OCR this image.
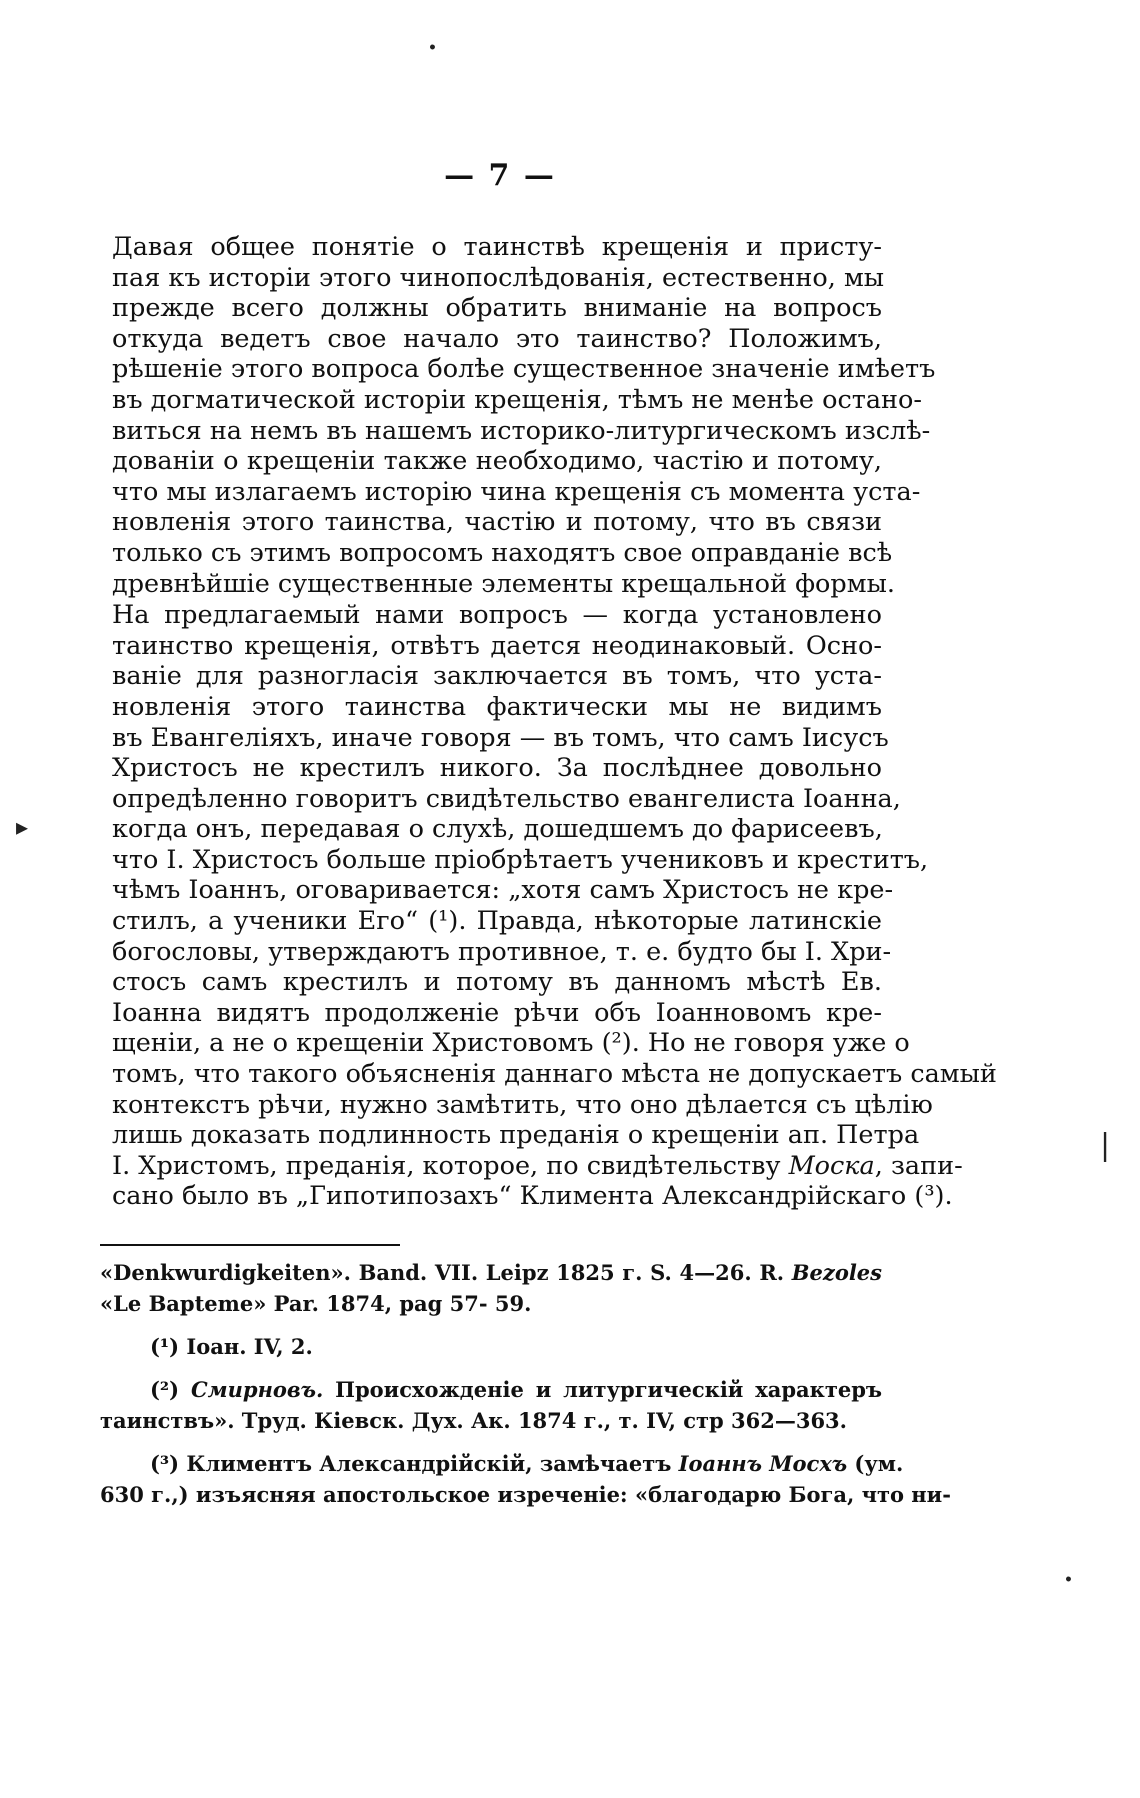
— 7 —
Давая общее понятіе о таинствѣ крещенія и присту-
пая къ исторіи этого чинопослѣдованія, естественно, мы
прежде всего должны обратить вниманіе на вопросъ
откуда ведетъ свое начало это таинство? Положимъ,
рѣшеніе этого вопроса болѣе существенное значеніе имѣетъ
въ догматической исторіи крещенія, тѣмъ не менѣе остано-
виться на немъ въ нашемъ историко-литургическомъ изслѣ-
дованіи о крещеніи также необходимо, частію и потому,
что мы излагаемъ исторію чина крещенія съ момента уста-
новленія этого таинства, частію и потому, что въ связи
только съ этимъ вопросомъ находятъ свое оправданіе всѣ
древнѣйшіе существенные элементы крещальной формы.
На предлагаемый нами вопросъ — когда установлено
таинство крещенія, отвѣтъ дается неодинаковый. Осно-
ваніе для разногласія заключается въ томъ, что уста-
новленія этого таинства фактически мы не видимъ
въ Евангеліяхъ, иначе говоря — въ томъ, что самъ Іисусъ
Христосъ не крестилъ никого. За послѣднее довольно
опредѣленно говоритъ свидѣтельство евангелиста Іоанна,
когда онъ, передавая о слухѣ, дошедшемъ до фарисеевъ,
что І. Христосъ больше пріобрѣтаетъ учениковъ и креститъ,
чѣмъ Іоаннъ, оговаривается: „хотя самъ Христосъ не кре-
стилъ, а ученики Его“ (¹). Правда, нѣкоторые латинскіе
богословы, утверждаютъ противное, т. е. будто бы І. Хри-
стосъ самъ крестилъ и потому въ данномъ мѣстѣ Ев.
Іоанна видятъ продолженіе рѣчи объ Іоанновомъ кре-
щеніи, а не о крещеніи Христовомъ (²). Но не говоря уже о
томъ, что такого объясненія даннаго мѣста не допускаетъ самый
контекстъ рѣчи, нужно замѣтить, что оно дѣлается съ цѣлію
лишь доказать подлинность преданія о крещеніи ап. Петра
І. Христомъ, преданія, которое, по свидѣтельству Моска, запи-
сано было въ „Гипотипозахъ“ Климента Александрійскаго (³).
«Denkwurdigkeiten». Band. VII. Leipz 1825 г. S. 4—26. R. Bezoles
«Le Bapteme» Par. 1874, pag 57- 59.
(¹) Іоан. IV, 2.
(²) Смирновъ. Происхожденіе и литургическій характеръ
таинствъ». Труд. Кіевск. Дух. Ак. 1874 г., т. IV, стр 362—363.
(³) Климентъ Александрійскій, замѣчаетъ Іоаннъ Мосхъ (ум.
630 г.,) изъясняя апостольское изреченіе: «благодарю Бога, что ни-
•
▸
|
•
